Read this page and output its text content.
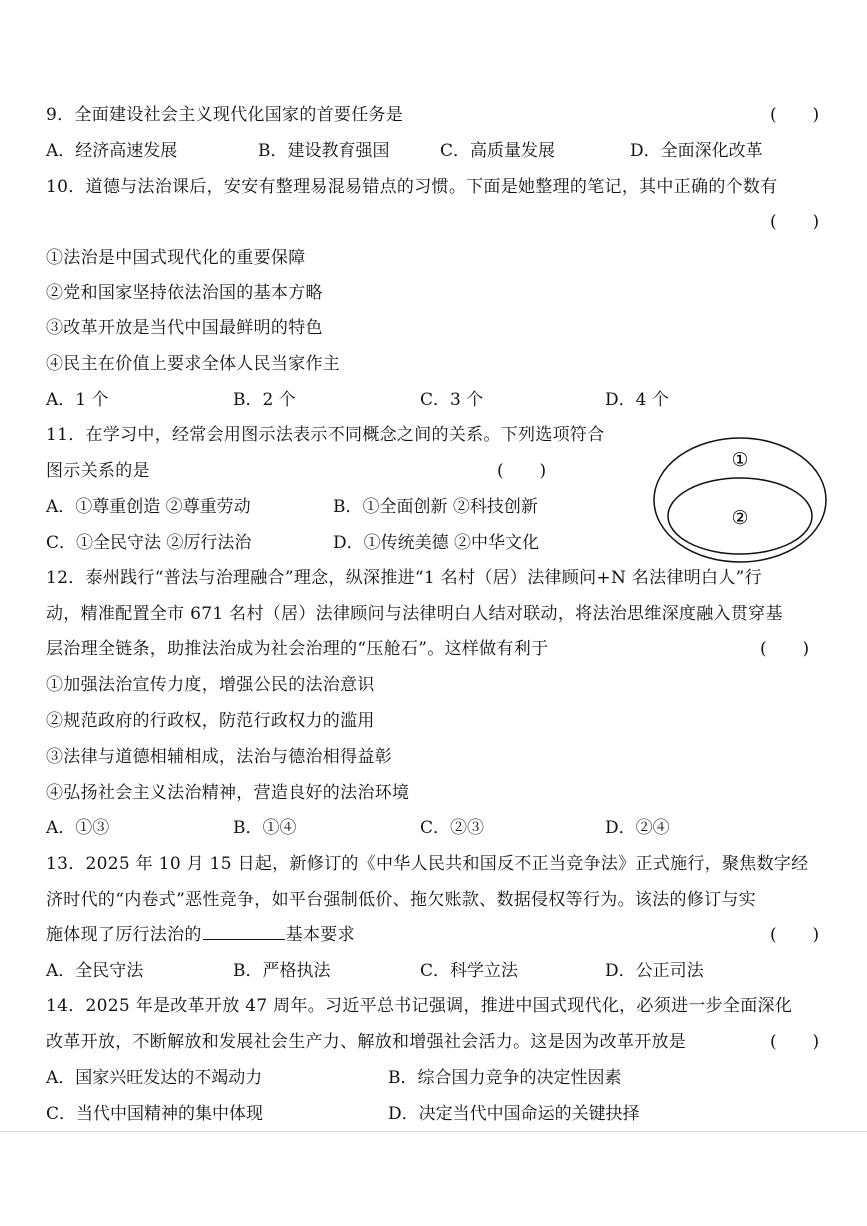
9．全面建设社会主义现代化国家的首要任务是	(      )
A．经济高速发展	B．建设教育强国	C．高质量发展	D．全面深化改革
10．道德与法治课后，安安有整理易混易错点的习惯。下面是她整理的笔记，其中正确的个数有
(      )
①法治是中国式现代化的重要保障
②党和国家坚持依法治国的基本方略
③改革开放是当代中国最鲜明的特色
④民主在价值上要求全体人民当家作主
A．1 个	B．2 个	C．3 个	D．4 个
11．在学习中，经常会用图示法表示不同概念之间的关系。下列选项符合
图示关系的是	(      )
A．①尊重创造 ②尊重劳动	B．①全面创新 ②科技创新
C．①全民守法 ②厉行法治	D．①传统美德 ②中华文化
①
②
12．泰州践行“普法与治理融合”理念，纵深推进“1 名村（居）法律顾问+N 名法律明白人”行
动，精准配置全市 671 名村（居）法律顾问与法律明白人结对联动，将法治思维深度融入贯穿基
层治理全链条，助推法治成为社会治理的“压舱石”。这样做有利于	(      )
①加强法治宣传力度，增强公民的法治意识
②规范政府的行政权，防范行政权力的滥用
③法律与道德相辅相成，法治与德治相得益彰
④弘扬社会主义法治精神，营造良好的法治环境
A．①③	B．①④	C．②③	D．②④
13．2025 年 10 月 15 日起，新修订的《中华人民共和国反不正当竞争法》正式施行，聚焦数字经
济时代的“内卷式”恶性竞争，如平台强制低价、拖欠账款、数据侵权等行为。该法的修订与实
施体现了厉行法治的	基本要求	(      )
A．全民守法	B．严格执法	C．科学立法	D．公正司法
14．2025 年是改革开放 47 周年。习近平总书记强调，推进中国式现代化，必须进一步全面深化
改革开放，不断解放和发展社会生产力、解放和增强社会活力。这是因为改革开放是	(      )
A．国家兴旺发达的不竭动力	B．综合国力竞争的决定性因素
C．当代中国精神的集中体现	D．决定当代中国命运的关键抉择
